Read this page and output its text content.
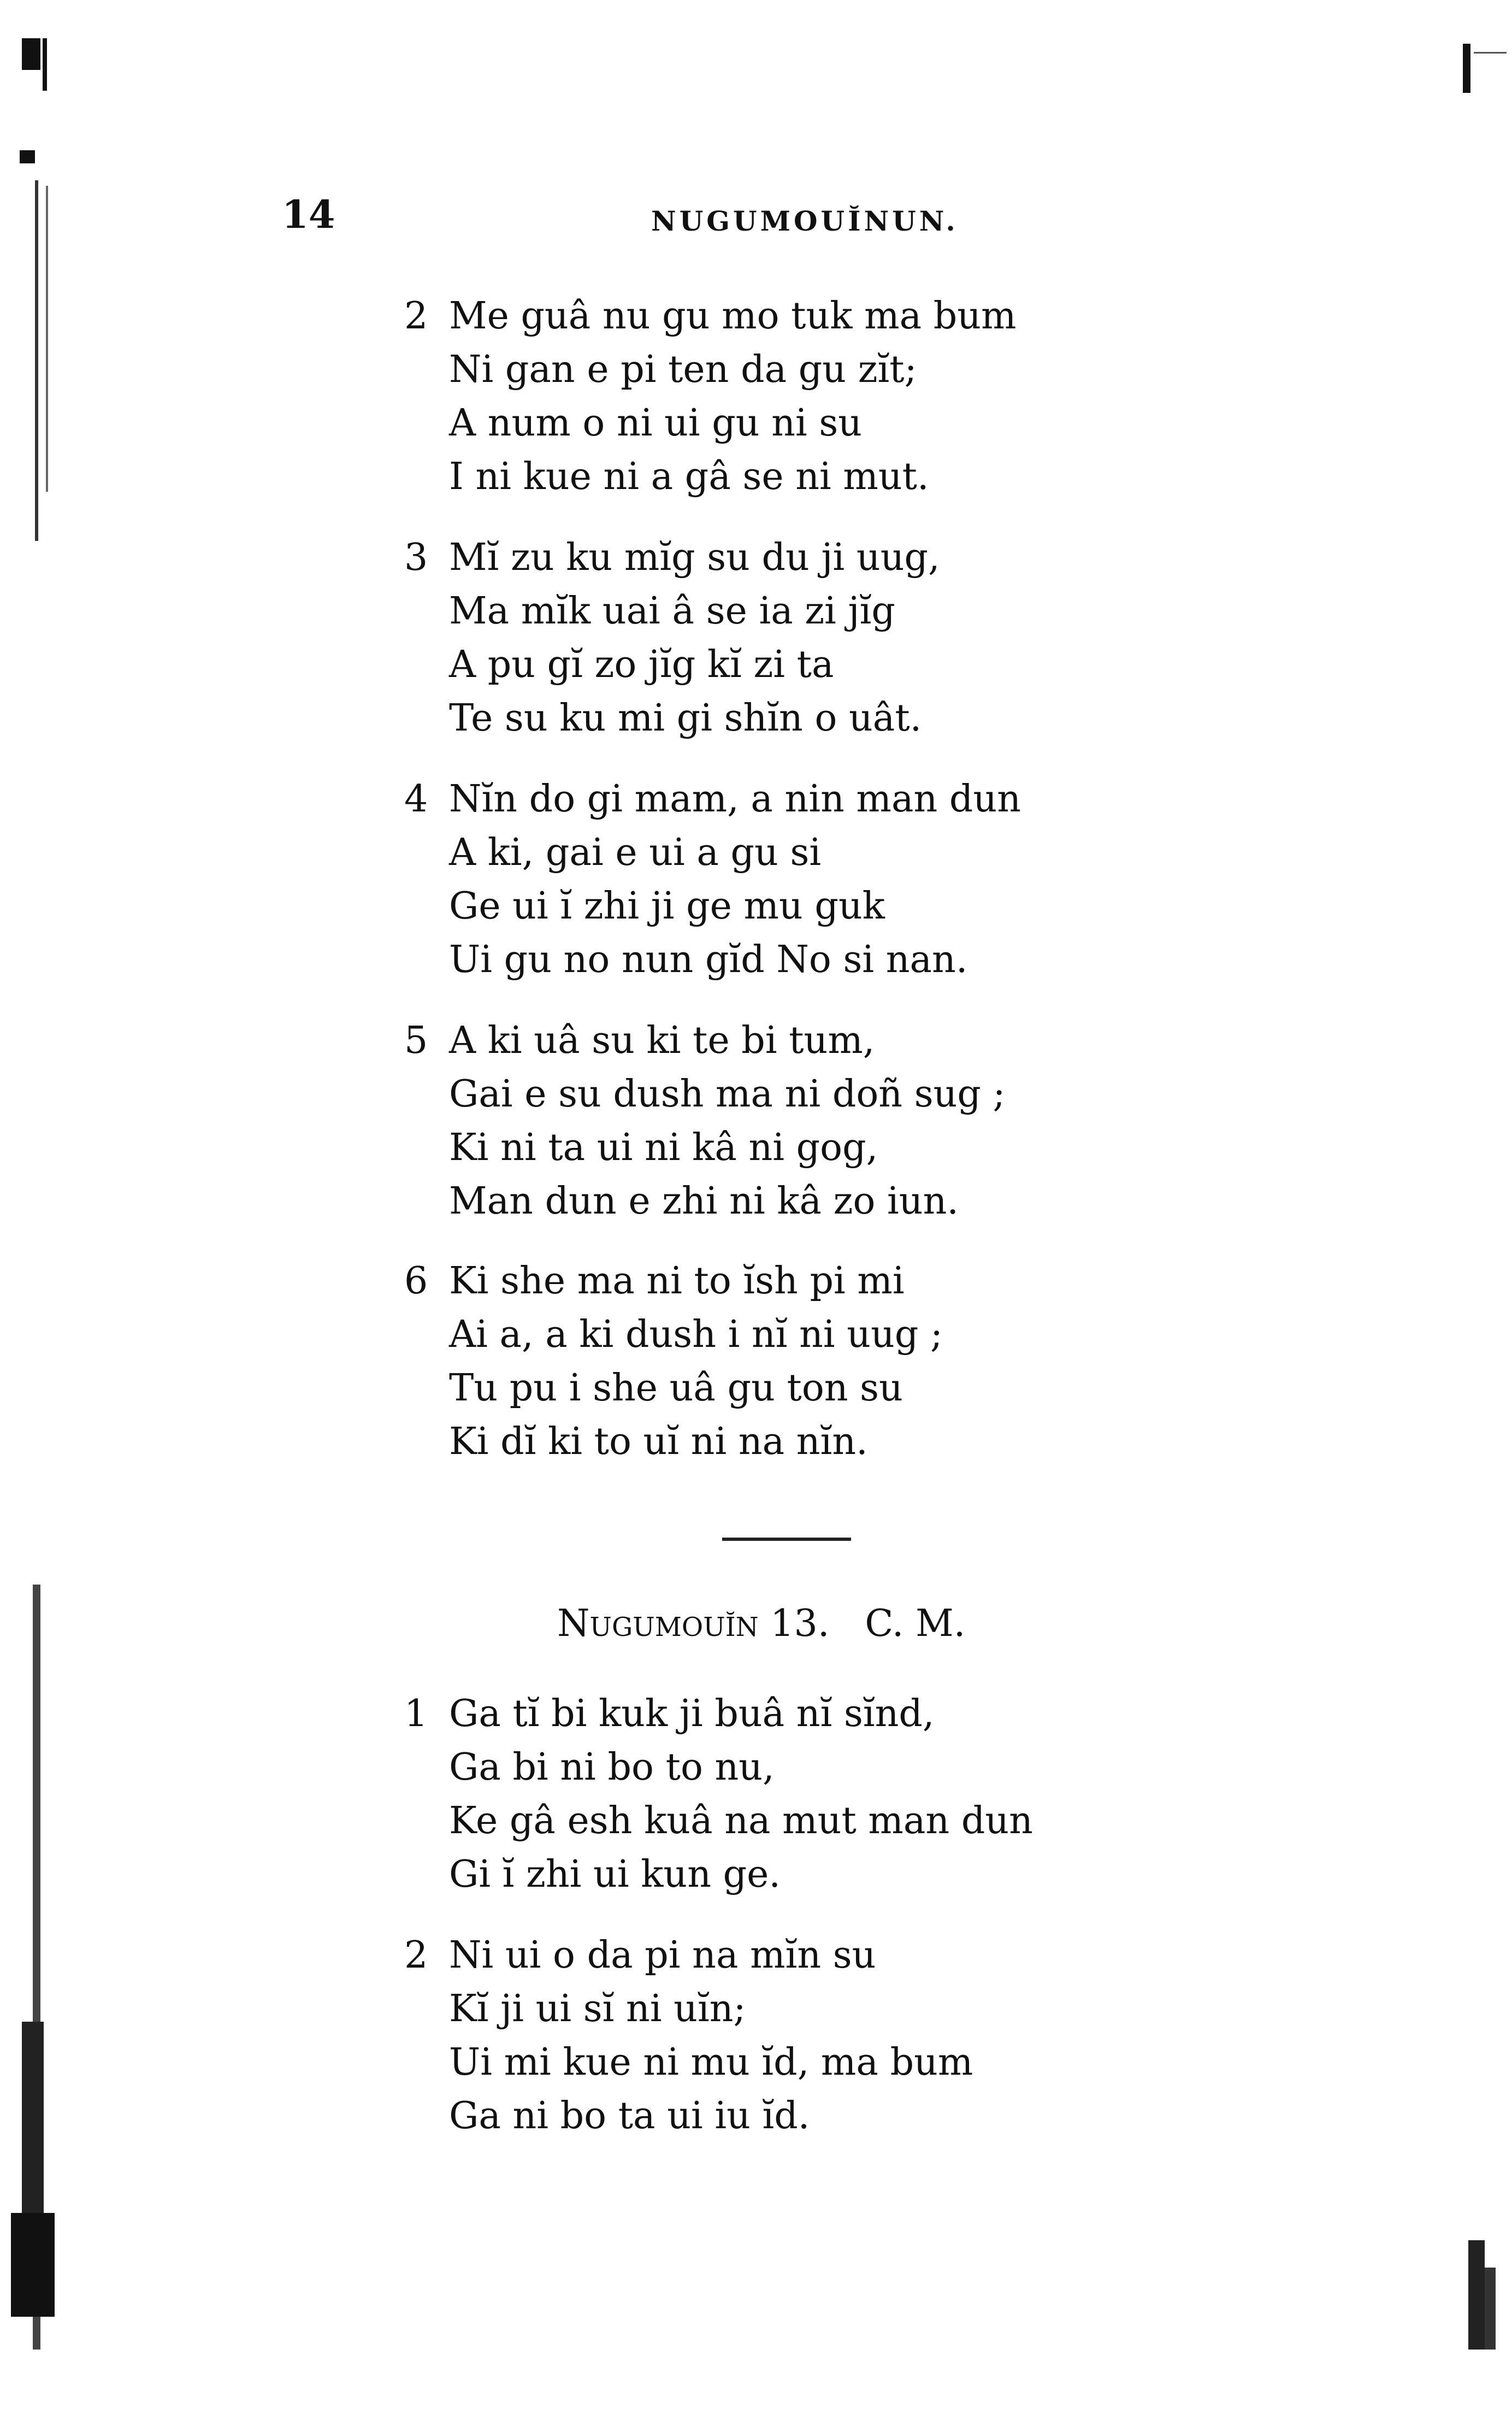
14	NUGUMOUĬNUN.
2 Me guâ nu gu mo tuk ma bum
Ni gan e pi ten da gu zĭt;
A num o ni ui gu ni su
I ni kue ni a gâ se ni mut.
3 Mĭ zu ku mĭg su du ji uug,
Ma mĭk uai â se ia zi jĭg
A pu gĭ zo jĭg kĭ zi ta
Te su ku mi gi shĭn o uât.
4 Nĭn do gi mam, a nin man dun
A ki, gai e ui a gu si
Ge ui ĭ zhi ji ge mu guk
Ui gu no nun gĭd No si nan.
5 A ki uâ su ki te bi tum,
Gai e su dush ma ni doñ sug ;
Ki ni ta ui ni kâ ni gog,
Man dun e zhi ni kâ zo iun.
6 Ki she ma ni to ĭsh pi mi
Ai a, a ki dush i nĭ ni uug ;
Tu pu i she uâ gu ton su
Ki dĭ ki to uĭ ni na nĭn.
Nugumouĭn 13. C. M.
1 Ga tĭ bi kuk ji buâ nĭ sĭnd,
Ga bi ni bo to nu,
Ke gâ esh kuâ na mut man dun
Gi ĭ zhi ui kun ge.
2 Ni ui o da pi na mĭn su
Kĭ ji ui sĭ ni uĭn;
Ui mi kue ni mu ĭd, ma bum
Ga ni bo ta ui iu ĭd.
